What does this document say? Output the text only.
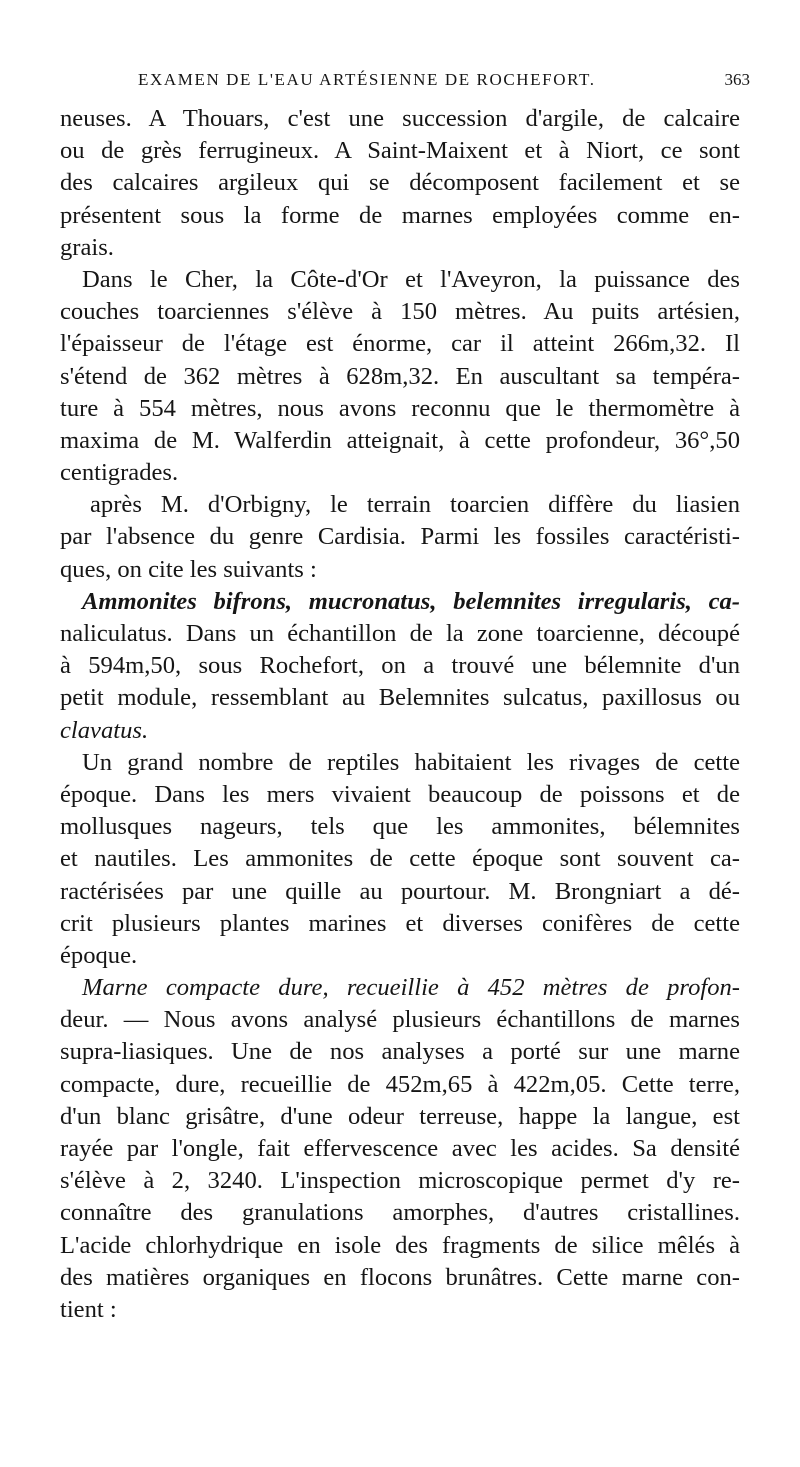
EXAMEN DE L'EAU ARTÉSIENNE DE ROCHEFORT.	363
neuses. A Thouars, c'est une succession d'argile, de calcaire
ou de grès ferrugineux. A Saint-Maixent et à Niort, ce sont
des calcaires argileux qui se décomposent facilement et se
présentent sous la forme de marnes employées comme en-
grais.
Dans le Cher, la Côte-d'Or et l'Aveyron, la puissance des
couches toarciennes s'élève à 150 mètres. Au puits artésien,
l'épaisseur de l'étage est énorme, car il atteint 266m,32. Il
s'étend de 362 mètres à 628m,32. En auscultant sa tempéra-
ture à 554 mètres, nous avons reconnu que le thermomètre à
maxima de M. Walferdin atteignait, à cette profondeur, 36°,50
centigrades.
après M. d'Orbigny, le terrain toarcien diffère du liasien
par l'absence du genre Cardisia. Parmi les fossiles caractéristi-
ques, on cite les suivants :
Ammonites bifrons, mucronatus, belemnites irregularis, ca-
naliculatus. Dans un échantillon de la zone toarcienne, découpé
à 594m,50, sous Rochefort, on a trouvé une bélemnite d'un
petit module, ressemblant au Belemnites sulcatus, paxillosus ou
clavatus.
Un grand nombre de reptiles habitaient les rivages de cette
époque. Dans les mers vivaient beaucoup de poissons et de
mollusques nageurs, tels que les ammonites, bélemnites
et nautiles. Les ammonites de cette époque sont souvent ca-
ractérisées par une quille au pourtour. M. Brongniart a dé-
crit plusieurs plantes marines et diverses conifères de cette
époque.
Marne compacte dure, recueillie à 452 mètres de profon-
deur. — Nous avons analysé plusieurs échantillons de marnes
supra-liasiques. Une de nos analyses a porté sur une marne
compacte, dure, recueillie de 452m,65 à 422m,05. Cette terre,
d'un blanc grisâtre, d'une odeur terreuse, happe la langue, est
rayée par l'ongle, fait effervescence avec les acides. Sa densité
s'élève à 2, 3240. L'inspection microscopique permet d'y re-
connaître des granulations amorphes, d'autres cristallines.
L'acide chlorhydrique en isole des fragments de silice mêlés à
des matières organiques en flocons brunâtres. Cette marne con-
tient :
